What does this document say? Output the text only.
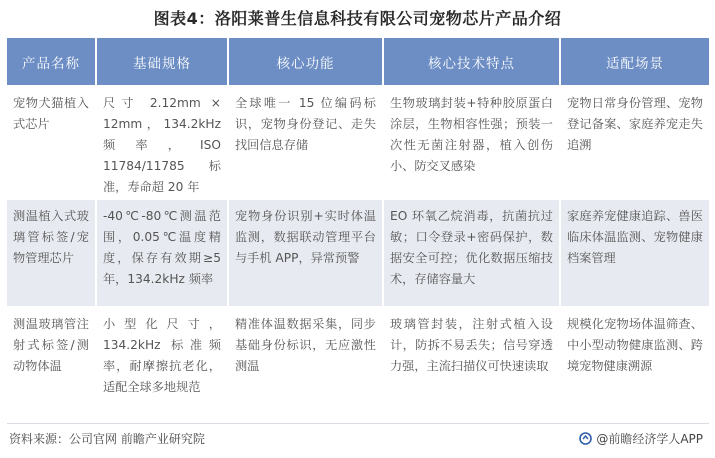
图表4：洛阳莱普生信息科技有限公司宠物芯片产品介绍
产品名称	基础规格	核心功能	核心技术特点	适配场景
宠物犬猫植入式芯片	尺寸 2.12mm × 12mm，134.2kHz 频率，ISO 11784/11785 标准，寿命超 20 年	全球唯一 15 位编码标识，宠物身份登记、走失找回信息存储	生物玻璃封装+特种胶原蛋白涂层，生物相容性强；预装一次性无菌注射器，植入创伤小、防交叉感染	宠物日常身份管理、宠物登记备案、家庭养宠走失追溯
测温植入式玻璃管标签/宠物管理芯片	-40℃-80℃测温范围，0.05℃温度精度，保存有效期≥5年，134.2kHz 频率	宠物身份识别+实时体温监测，数据联动管理平台与手机 APP，异常预警	EO 环氧乙烷消毒，抗菌抗过敏；口令登录+密码保护，数据安全可控；优化数据压缩技术，存储容量大	家庭养宠健康追踪、兽医临床体温监测、宠物健康档案管理
测温玻璃管注射式标签/测动物体温	小型化尺寸，134.2kHz 标准频率，耐摩擦抗老化，适配全球多地规范	精准体温数据采集，同步基础身份标识，无应激性测温	玻璃管封装，注射式植入设计，防拆不易丢失；信号穿透力强，主流扫描仪可快速读取	规模化宠物场体温筛查、中小型动物健康监测、跨境宠物健康溯源
资料来源：公司官网 前瞻产业研究院	@前瞻经济学人APP
